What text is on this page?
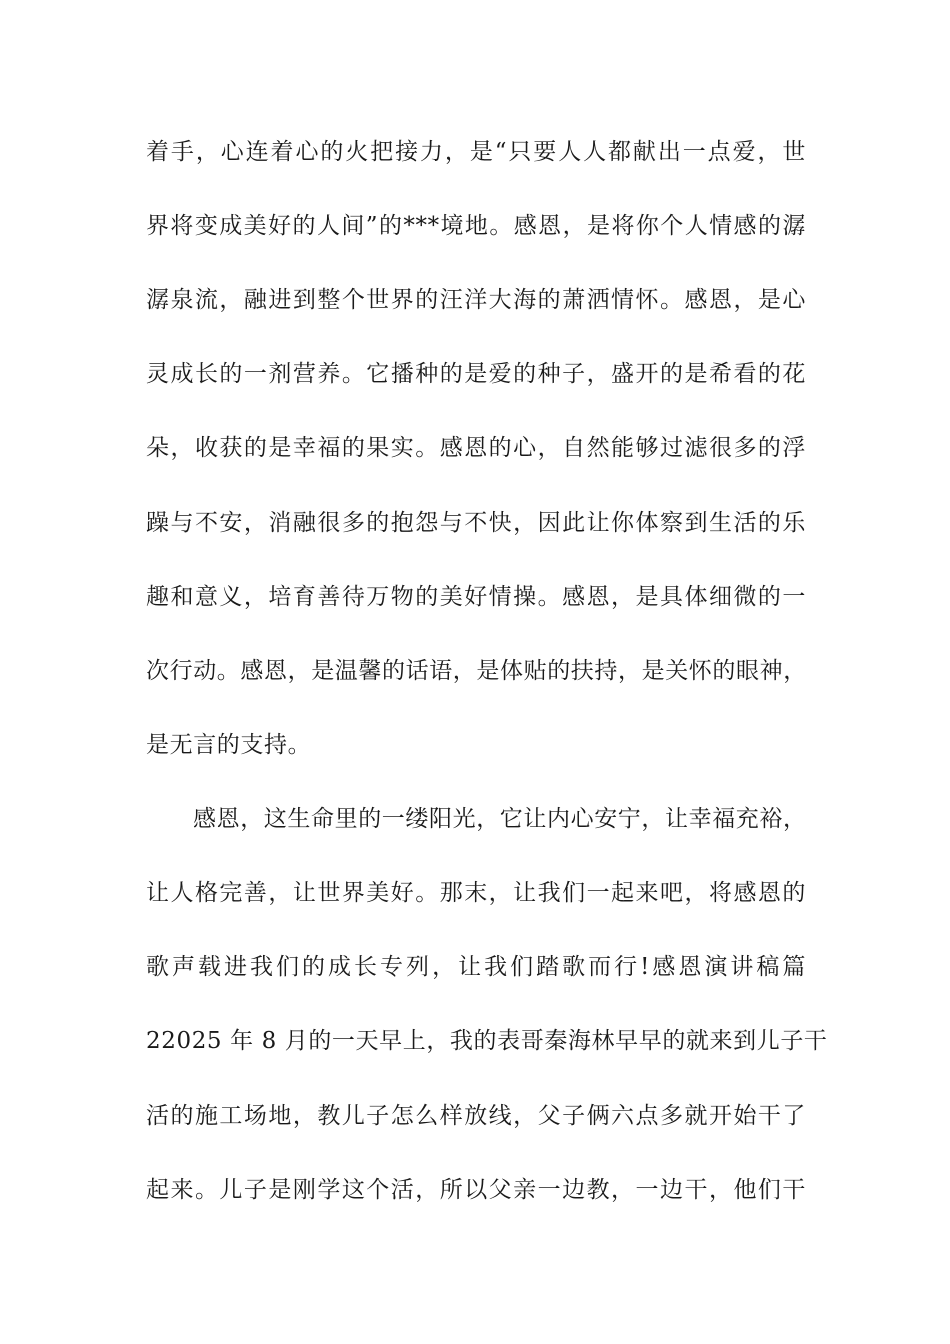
着手，心连着心的火把接力，是“只要人人都献出一点爱，世
界将变成美好的人间”的***境地。感恩，是将你个人情感的潺
潺泉流，融进到整个世界的汪洋大海的萧洒情怀。感恩，是心
灵成长的一剂营养。它播种的是爱的种子，盛开的是希看的花
朵，收获的是幸福的果实。感恩的心，自然能够过滤很多的浮
躁与不安，消融很多的抱怨与不快，因此让你体察到生活的乐
趣和意义，培育善待万物的美好情操。感恩，是具体细微的一
次行动。感恩，是温馨的话语，是体贴的扶持，是关怀的眼神，
是无言的支持。
感恩，这生命里的一缕阳光，它让内心安宁，让幸福充裕，
让人格完善，让世界美好。那末，让我们一起来吧，将感恩的
歌声载进我们的成长专列，让我们踏歌而行!感恩演讲稿篇
22025 年 8 月的一天早上，我的表哥秦海林早早的就来到儿子干
活的施工场地，教儿子怎么样放线，父子俩六点多就开始干了
起来。儿子是刚学这个活，所以父亲一边教，一边干，他们干
